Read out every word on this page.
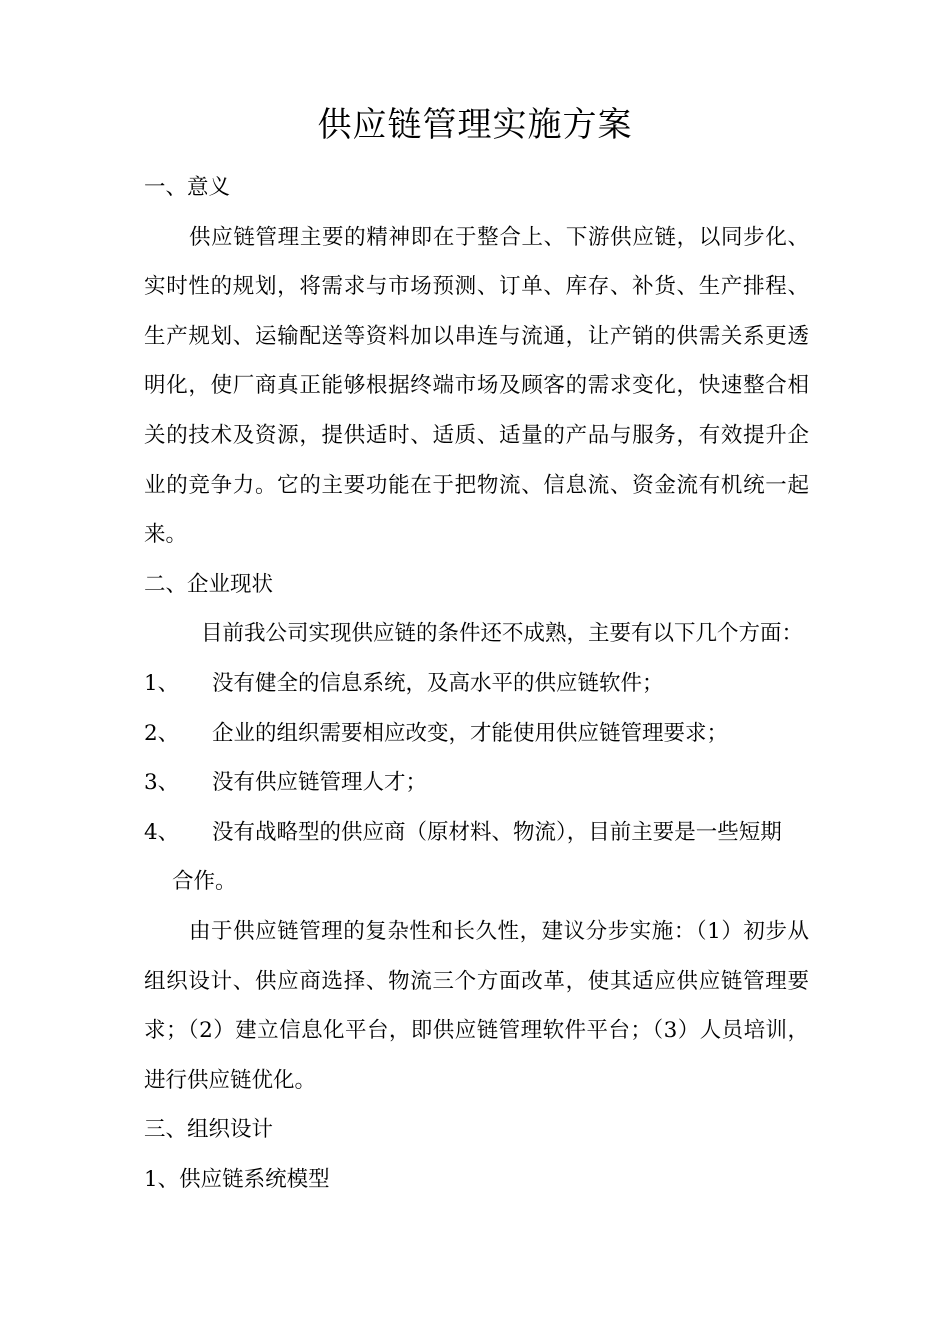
供应链管理实施方案

一、意义

供应链管理主要的精神即在于整合上、下游供应链，以同步化、实时性的规划，将需求与市场预测、订单、库存、补货、生产排程、生产规划、运输配送等资料加以串连与流通，让产销的供需关系更透明化，使厂商真正能够根据终端市场及顾客的需求变化，快速整合相关的技术及资源，提供适时、适质、适量的产品与服务，有效提升企业的竞争力。它的主要功能在于把物流、信息流、资金流有机统一起来。

二、企业现状

目前我公司实现供应链的条件还不成熟，主要有以下几个方面：

1、 没有健全的信息系统，及高水平的供应链软件；

2、 企业的组织需要相应改变，才能使用供应链管理要求；

3、 没有供应链管理人才；

4、 没有战略型的供应商（原材料、物流），目前主要是一些短期
合作。

由于供应链管理的复杂性和长久性，建议分步实施：（1）初步从组织设计、供应商选择、物流三个方面改革，使其适应供应链管理要求；（2）建立信息化平台，即供应链管理软件平台；（3）人员培训，进行供应链优化。

三、组织设计

1、供应链系统模型
